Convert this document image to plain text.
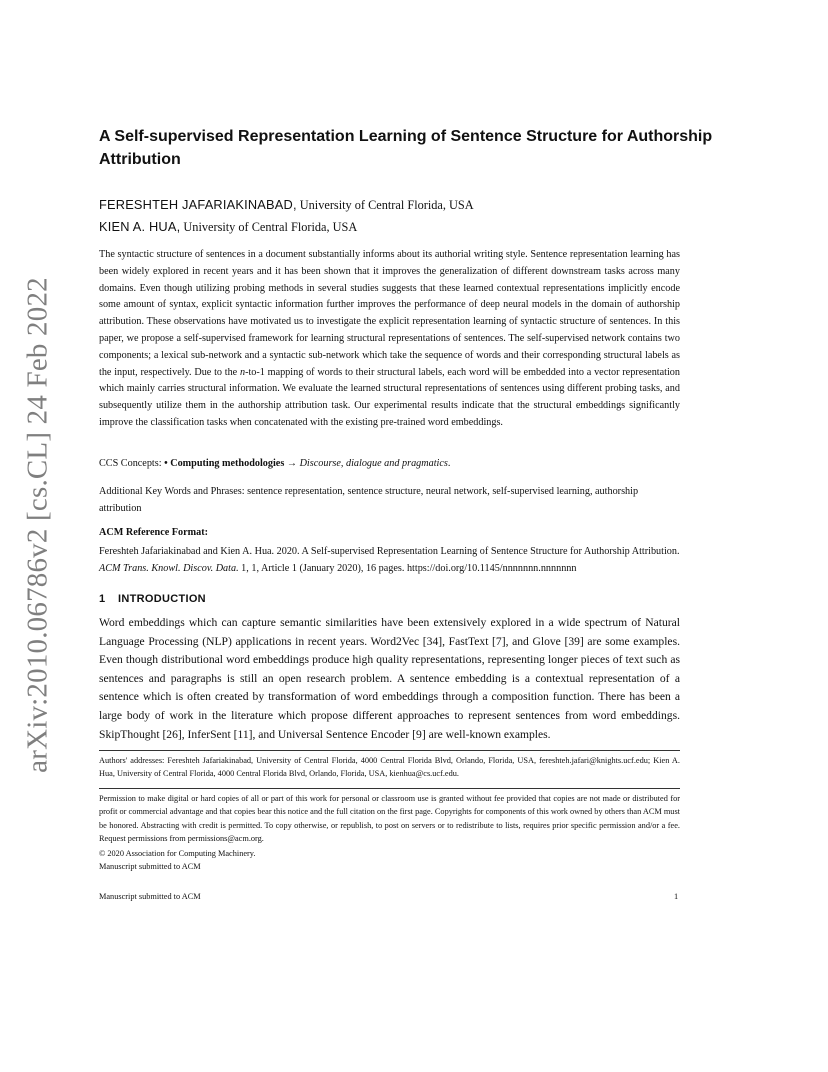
arXiv:2010.06786v2 [cs.CL] 24 Feb 2022
A Self-supervised Representation Learning of Sentence Structure for Authorship Attribution
FERESHTEH JAFARIAKINABAD, University of Central Florida, USA
KIEN A. HUA, University of Central Florida, USA
The syntactic structure of sentences in a document substantially informs about its authorial writing style. Sentence representation learning has been widely explored in recent years and it has been shown that it improves the generalization of different downstream tasks across many domains. Even though utilizing probing methods in several studies suggests that these learned contextual representations implicitly encode some amount of syntax, explicit syntactic information further improves the performance of deep neural models in the domain of authorship attribution. These observations have motivated us to investigate the explicit representation learning of syntactic structure of sentences. In this paper, we propose a self-supervised framework for learning structural representations of sentences. The self-supervised network contains two components; a lexical sub-network and a syntactic sub-network which take the sequence of words and their corresponding structural labels as the input, respectively. Due to the n-to-1 mapping of words to their structural labels, each word will be embedded into a vector representation which mainly carries structural information. We evaluate the learned structural representations of sentences using different probing tasks, and subsequently utilize them in the authorship attribution task. Our experimental results indicate that the structural embeddings significantly improve the classification tasks when concatenated with the existing pre-trained word embeddings.
CCS Concepts: • Computing methodologies → Discourse, dialogue and pragmatics.
Additional Key Words and Phrases: sentence representation, sentence structure, neural network, self-supervised learning, authorship attribution
ACM Reference Format:
Fereshteh Jafariakinabad and Kien A. Hua. 2020. A Self-supervised Representation Learning of Sentence Structure for Authorship Attribution. ACM Trans. Knowl. Discov. Data. 1, 1, Article 1 (January 2020), 16 pages. https://doi.org/10.1145/nnnnnnn.nnnnnnn
1 INTRODUCTION
Word embeddings which can capture semantic similarities have been extensively explored in a wide spectrum of Natural Language Processing (NLP) applications in recent years. Word2Vec [34], FastText [7], and Glove [39] are some examples. Even though distributional word embeddings produce high quality representations, representing longer pieces of text such as sentences and paragraphs is still an open research problem. A sentence embedding is a contextual representation of a sentence which is often created by transformation of word embeddings through a composition function. There has been a large body of work in the literature which propose different approaches to represent sentences from word embeddings. SkipThought [26], InferSent [11], and Universal Sentence Encoder [9] are well-known examples.
Authors' addresses: Fereshteh Jafariakinabad, University of Central Florida, 4000 Central Florida Blvd, Orlando, Florida, USA, fereshteh.jafari@knights.ucf.edu; Kien A. Hua, University of Central Florida, 4000 Central Florida Blvd, Orlando, Florida, USA, kienhua@cs.ucf.edu.
Permission to make digital or hard copies of all or part of this work for personal or classroom use is granted without fee provided that copies are not made or distributed for profit or commercial advantage and that copies bear this notice and the full citation on the first page. Copyrights for components of this work owned by others than ACM must be honored. Abstracting with credit is permitted. To copy otherwise, or republish, to post on servers or to redistribute to lists, requires prior specific permission and/or a fee. Request permissions from permissions@acm.org.
© 2020 Association for Computing Machinery.
Manuscript submitted to ACM
Manuscript submitted to ACM	1
